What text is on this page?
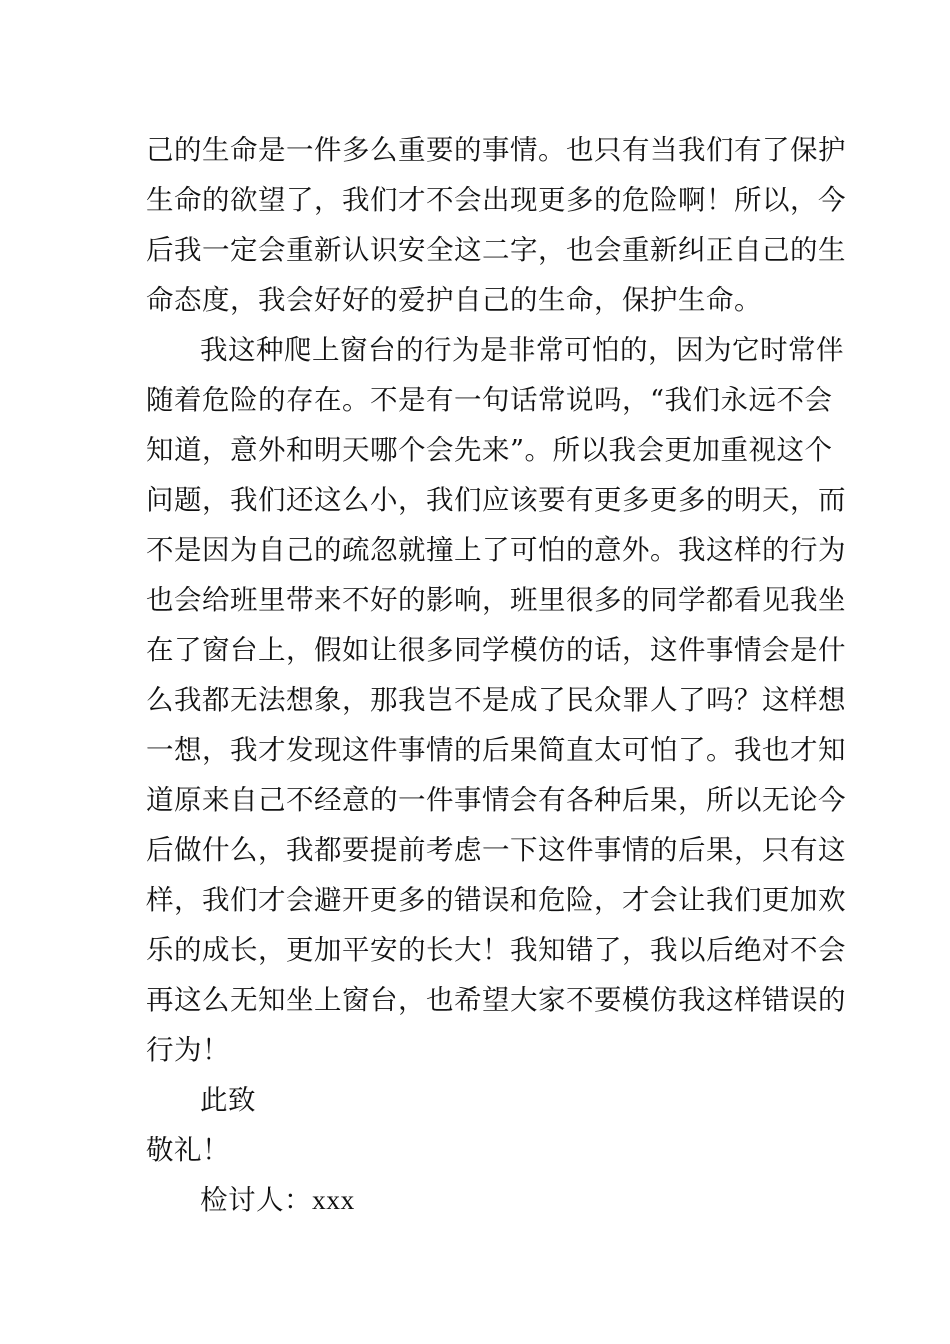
己的生命是一件多么重要的事情。也只有当我们有了保护
生命的欲望了，我们才不会出现更多的危险啊！所以，今
后我一定会重新认识安全这二字，也会重新纠正自己的生
命态度，我会好好的爱护自己的生命，保护生命。
我这种爬上窗台的行为是非常可怕的，因为它时常伴
随着危险的存在。不是有一句话常说吗，“我们永远不会
知道，意外和明天哪个会先来”。所以我会更加重视这个
问题，我们还这么小，我们应该要有更多更多的明天，而
不是因为自己的疏忽就撞上了可怕的意外。我这样的行为
也会给班里带来不好的影响，班里很多的同学都看见我坐
在了窗台上，假如让很多同学模仿的话，这件事情会是什
么我都无法想象，那我岂不是成了民众罪人了吗？这样想
一想，我才发现这件事情的后果简直太可怕了。我也才知
道原来自己不经意的一件事情会有各种后果，所以无论今
后做什么，我都要提前考虑一下这件事情的后果，只有这
样，我们才会避开更多的错误和危险，才会让我们更加欢
乐的成长，更加平安的长大！我知错了，我以后绝对不会
再这么无知坐上窗台，也希望大家不要模仿我这样错误的
行为！
此致
敬礼！
检讨人：xxx
